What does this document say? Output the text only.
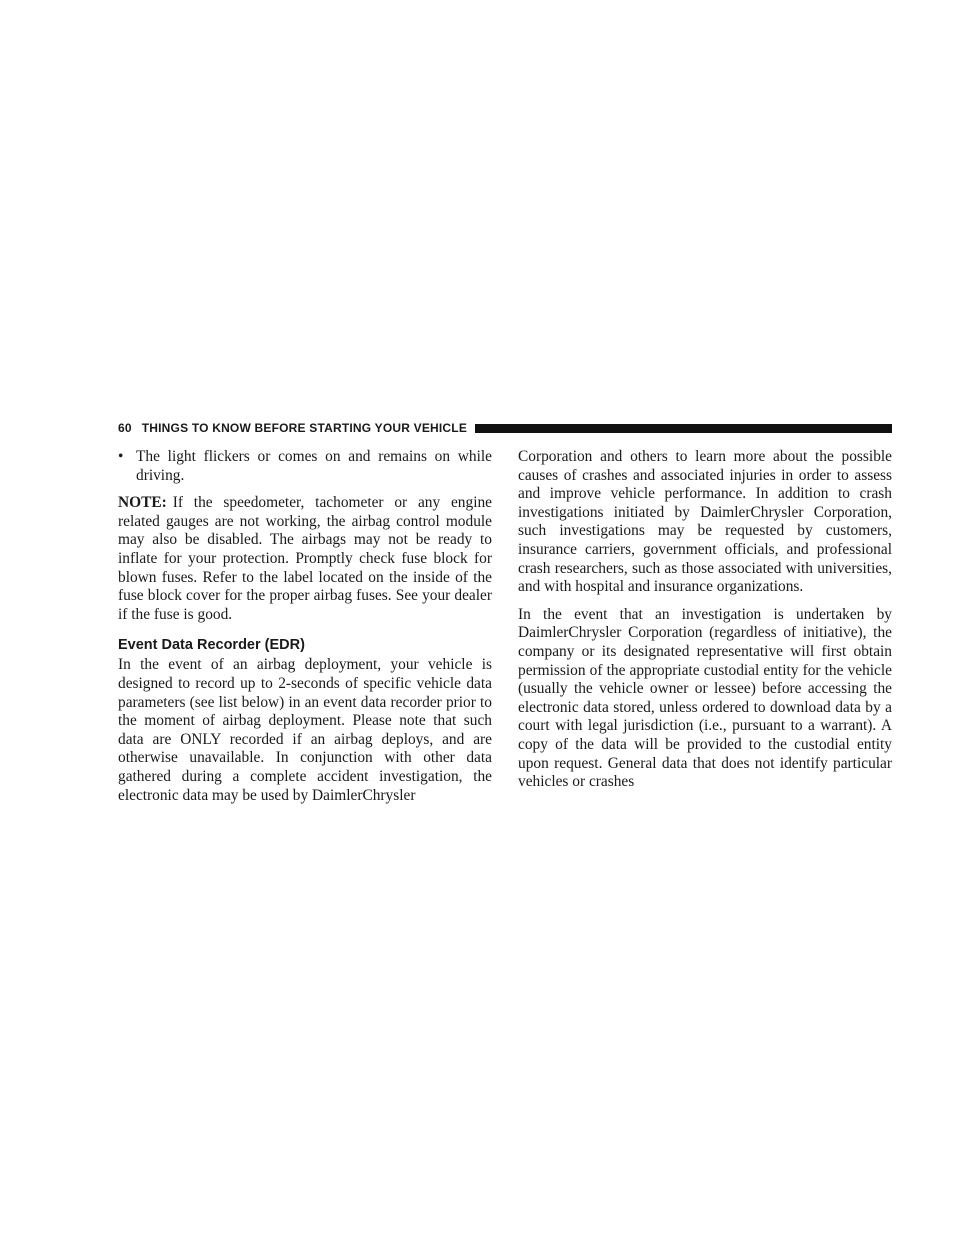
60 THINGS TO KNOW BEFORE STARTING YOUR VEHICLE
• The light flickers or comes on and remains on while driving.

NOTE: If the speedometer, tachometer or any engine related gauges are not working, the airbag control module may also be disabled. The airbags may not be ready to inflate for your protection. Promptly check fuse block for blown fuses. Refer to the label located on the inside of the fuse block cover for the proper airbag fuses. See your dealer if the fuse is good.

Event Data Recorder (EDR)

In the event of an airbag deployment, your vehicle is designed to record up to 2-seconds of specific vehicle data parameters (see list below) in an event data recorder prior to the moment of airbag deployment. Please note that such data are ONLY recorded if an airbag deploys, and are otherwise unavailable. In conjunction with other data gathered during a complete accident investigation, the electronic data may be used by DaimlerChrysler

Corporation and others to learn more about the possible causes of crashes and associated injuries in order to assess and improve vehicle performance. In addition to crash investigations initiated by DaimlerChrysler Corporation, such investigations may be requested by customers, insurance carriers, government officials, and professional crash researchers, such as those associated with universities, and with hospital and insurance organizations.

In the event that an investigation is undertaken by DaimlerChrysler Corporation (regardless of initiative), the company or its designated representative will first obtain permission of the appropriate custodial entity for the vehicle (usually the vehicle owner or lessee) before accessing the electronic data stored, unless ordered to download data by a court with legal jurisdiction (i.e., pursuant to a warrant). A copy of the data will be provided to the custodial entity upon request. General data that does not identify particular vehicles or crashes
